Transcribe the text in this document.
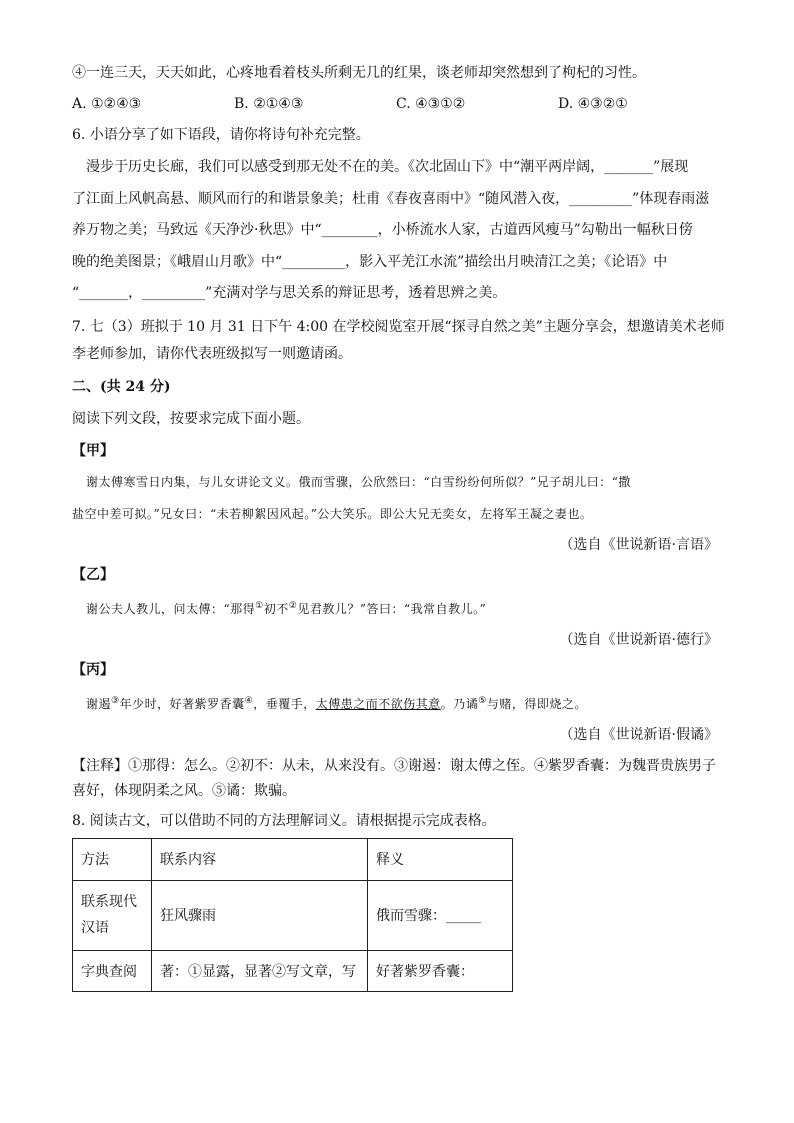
④一连三天，天天如此，心疼地看着枝头所剩无几的红果，谈老师却突然想到了枸杞的习性。

A. ①②④③	B. ②①④③	C. ④③①②	D. ④③②①

6. 小语分享了如下语段，请你将诗句补充完整。

漫步于历史长廊，我们可以感受到那无处不在的美。《次北固山下》中“潮平两岸阔，_______”展现

了江面上风帆高悬、顺风而行的和谐景象美；杜甫《春夜喜雨中》“随风潜入夜，_________”体现春雨滋

养万物之美；马致远《天净沙·秋思》中“________，小桥流水人家，古道西风瘦马”勾勒出一幅秋日傍

晚的绝美图景；《峨眉山月歌》中“_________，影入平羌江水流”描绘出月映清江之美；《论语》中

“_______，_________”充满对学与思关系的辩证思考，透着思辨之美。

7. 七（3）班拟于 10 月 31 日下午 4:00 在学校阅览室开展“探寻自然之美”主题分享会，想邀请美术老师

李老师参加，请你代表班级拟写一则邀请函。

二、(共 24 分)

阅读下列文段，按要求完成下面小题。

【甲】

谢太傅寒雪日内集，与儿女讲论文义。俄而雪骤，公欣然曰：“白雪纷纷何所似？”兄子胡儿曰：“撒

盐空中差可拟。”兄女曰：“未若柳絮因风起。”公大笑乐。即公大兄无奕女，左将军王凝之妻也。

（选自《世说新语·言语》

【乙】

谢公夫人教儿，问太傅：“那得①初不②见君教儿？”答曰：“我常自教儿。”

（选自《世说新语·德行》

【丙】

谢遏③年少时，好著紫罗香囊④，垂覆手，太傅患之而不欲伤其意。乃谲⑤与赌，得即烧之。

（选自《世说新语·假谲》

【注释】①那得：怎么。②初不：从未，从来没有。③谢遏：谢太傅之侄。④紫罗香囊：为魏晋贵族男子

喜好，体现阴柔之风。⑤谲：欺骗。

8. 阅读古文，可以借助不同的方法理解词义。请根据提示完成表格。

方法	联系内容	释义
联系现代汉语	狂风骤雨	俄而雪骤：_____
字典查阅	著：①显露，显著②写文章，写	好著紫罗香囊：
